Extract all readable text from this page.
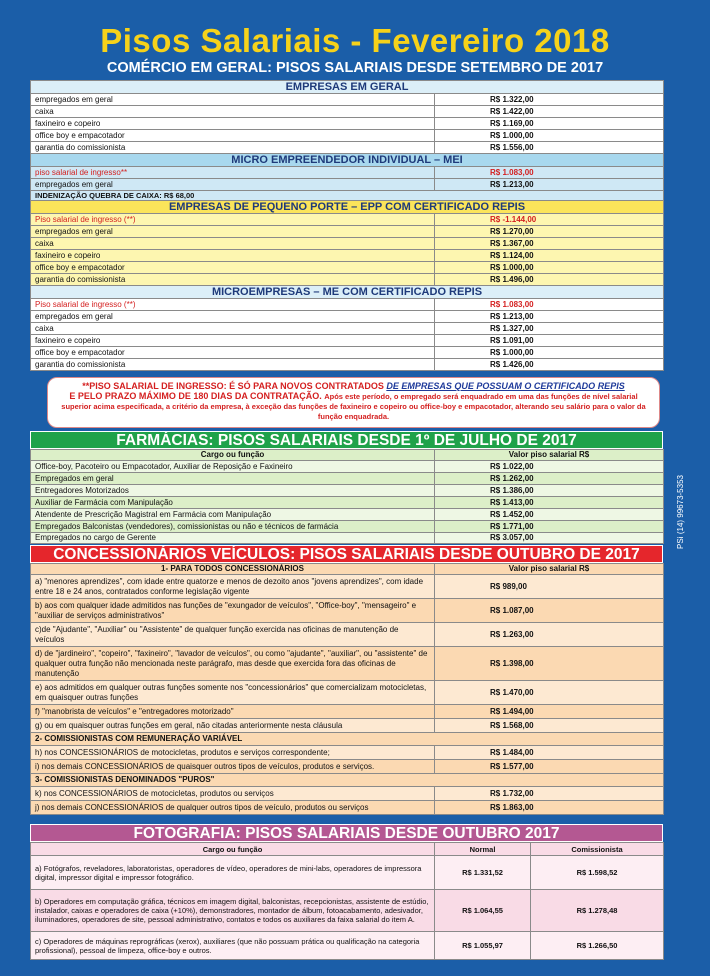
Pisos Salariais - Fevereiro 2018
COMÉRCIO EM GERAL: PISOS SALARIAIS DESDE SETEMBRO DE 2017
EMPRESAS EM GERAL	
empregados em geral	R$ 1.322,00
caixa	R$ 1.422,00
faxineiro e copeiro	R$ 1.169,00
office boy e empacotador	R$ 1.000,00
garantia do comissionista	R$ 1.556,00
MICRO EMPREENDEDOR INDIVIDUAL – MEI	
piso salarial de ingresso**	R$ 1.083,00
empregados em geral	R$ 1.213,00
INDENIZAÇÃO QUEBRA DE CAIXA: R$ 68,00	
EMPRESAS DE PEQUENO PORTE – EPP COM CERTIFICADO REPIS	
Piso salarial de ingresso (**)	R$ -1.144,00
empregados em geral	R$ 1.270,00
caixa	R$ 1.367,00
faxineiro e copeiro	R$ 1.124,00
office boy e empacotador	R$ 1.000,00
garantia do comissionista	R$ 1.496,00
MICROEMPRESAS – ME COM CERTIFICADO REPIS	
Piso salarial de ingresso (**)	R$ 1.083,00
empregados em geral	R$ 1.213,00
caixa	R$ 1.327,00
faxineiro e copeiro	R$ 1.091,00
office boy e empacotador	R$ 1.000,00
garantia do comissionista	R$ 1.426,00
**PISO SALARIAL DE INGRESSO: É SÓ PARA NOVOS CONTRATADOS DE EMPRESAS QUE POSSUAM O CERTIFICADO REPIS
E PELO PRAZO MÁXIMO DE 180 DIAS DA CONTRATAÇÃO. Após este período, o empregado será enquadrado em uma das funções de nível salarial superior acima especificada, a critério da empresa, à exceção das funções de faxineiro e copeiro ou office-boy e empacotador, alterando seu salário para o valor da função enquadrada.
FARMÁCIAS: PISOS SALARIAIS DESDE 1º DE JULHO DE 2017
Cargo ou função	Valor piso salarial R$
Office-boy, Pacoteiro ou Empacotador, Auxiliar de Reposição e Faxineiro	R$ 1.022,00
Empregados em geral	R$ 1.262,00
Entregadores Motorizados	R$ 1.386,00
Auxiliar de Farmácia com Manipulação	R$ 1.413,00
Atendente de Prescrição Magistral em Farmácia com Manipulação	R$ 1.452,00
Empregados Balconistas (vendedores), comissionistas ou não e técnicos de farmácia	R$ 1.771,00
Empregados no cargo de Gerente	R$ 3.057,00	PSi (14) 99673-5353
CONCESSIONÁRIOS VEÍCULOS: PISOS SALARIAIS DESDE OUTUBRO DE 2017
1- PARA TODOS CONCESSIONÁRIOS	Valor piso salarial R$
a) "menores aprendizes", com idade entre quatorze e menos de dezoito anos "jovens aprendizes", com idade entre 18 e 24 anos, contratados conforme legislação vigente	R$ 989,00
b) aos com qualquer idade admitidos nas funções de "exungador de veículos", "Office-boy", "mensageiro" e "auxiliar de serviços administrativos"	R$ 1.087,00
c)de "Ajudante", "Auxiliar" ou "Assistente" de qualquer função exercida nas oficinas de manutenção de veículos	R$ 1.263,00
d) de "jardineiro", "copeiro", "faxineiro", "lavador de veículos", ou como "ajudante", "auxiliar", ou "assistente" de qualquer outra função não mencionada neste parágrafo, mas desde que exercida fora das oficinas de manutenção	R$ 1.398,00
e) aos admitidos em qualquer outras funções somente nos "concessionários" que comercializam motocicletas, em quaisquer outras funções	R$ 1.470,00
f) "manobrista de veículos" e "entregadores motorizado"	R$ 1.494,00
g) ou em quaisquer outras funções em geral, não citadas anteriormente nesta cláusula	R$ 1.568,00
2- COMISSIONISTAS COM REMUNERAÇÃO VARIÁVEL	
h) nos CONCESSIONÁRIOS de motocicletas, produtos e serviços correspondente;	R$ 1.484,00
i) nos demais CONCESSIONÁRIOS de quaisquer outros tipos de veículos, produtos e serviços.	R$ 1.577,00
3- COMISSIONISTAS DENOMINADOS "PUROS"	
k) nos CONCESSIONÁRIOS de motocicletas, produtos ou serviços	R$ 1.732,00
j) nos demais CONCESSIONÁRIOS de qualquer outros tipos de veículo, produtos ou serviços	R$ 1.863,00
FOTOGRAFIA: PISOS SALARIAIS DESDE OUTUBRO 2017
Cargo ou função	Normal	Comissionista
a) Fotógrafos, reveladores, laboratoristas, operadores de vídeo, operadores de mini-labs, operadores de impressora digital, impressor digital e impressor fotográfico.	R$ 1.331,52	R$ 1.598,52
b) Operadores em computação gráfica, técnicos em imagem digital, balconistas, recepcionistas, assistente de estúdio, instalador, caixas e operadores de caixa (+10%), demonstradores, montador de álbum, fotoacabamento, adesivador, iluminadores, operadores de site, pessoal administrativo, contatos e todos os auxiliares da faixa salarial do item A.	R$ 1.064,55	R$ 1.278,48
c) Operadores de máquinas reprográficas (xerox), auxiliares (que não possuam prática ou qualificação na categoria profissional), pessoal de limpeza, office-boy e outros.	R$ 1.055,97	R$ 1.266,50
